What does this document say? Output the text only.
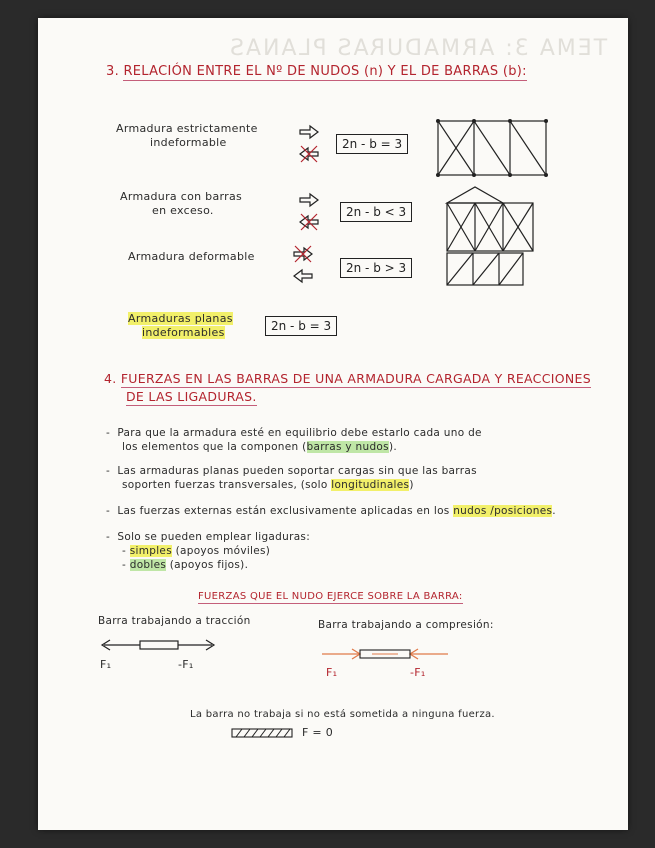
TEMA 3: ARMADURAS PLANAS
3. RELACIÓN ENTRE EL Nº DE NUDOS (n) Y EL DE BARRAS (b):
Armadura estrictamente
indeformable	2n - b = 3
Armadura con barras
en exceso.	2n - b < 3
Armadura deformable
2n - b > 3
Armaduras planas
indeformables	2n - b = 3
4. FUERZAS EN LAS BARRAS DE UNA ARMADURA CARGADA Y REACCIONES
DE LAS LIGADURAS.
-  Para que la armadura esté en equilibrio debe estarlo cada uno de
los elementos que la componen (barras y nudos).
-  Las armaduras planas pueden soportar cargas sin que las barras
soporten fuerzas transversales, (solo longitudinales)
-  Las fuerzas externas están exclusivamente aplicadas en los nudos /posiciones.
-  Solo se pueden emplear ligaduras:
- simples (apoyos móviles)
- dobles (apoyos fijos).
FUERZAS QUE EL NUDO EJERCE SOBRE LA BARRA:
Barra trabajando a tracción
F₁	-F₁
Barra trabajando a compresión:
F₁	-F₁
La barra no trabaja si no está sometida a ninguna fuerza.
F = 0
